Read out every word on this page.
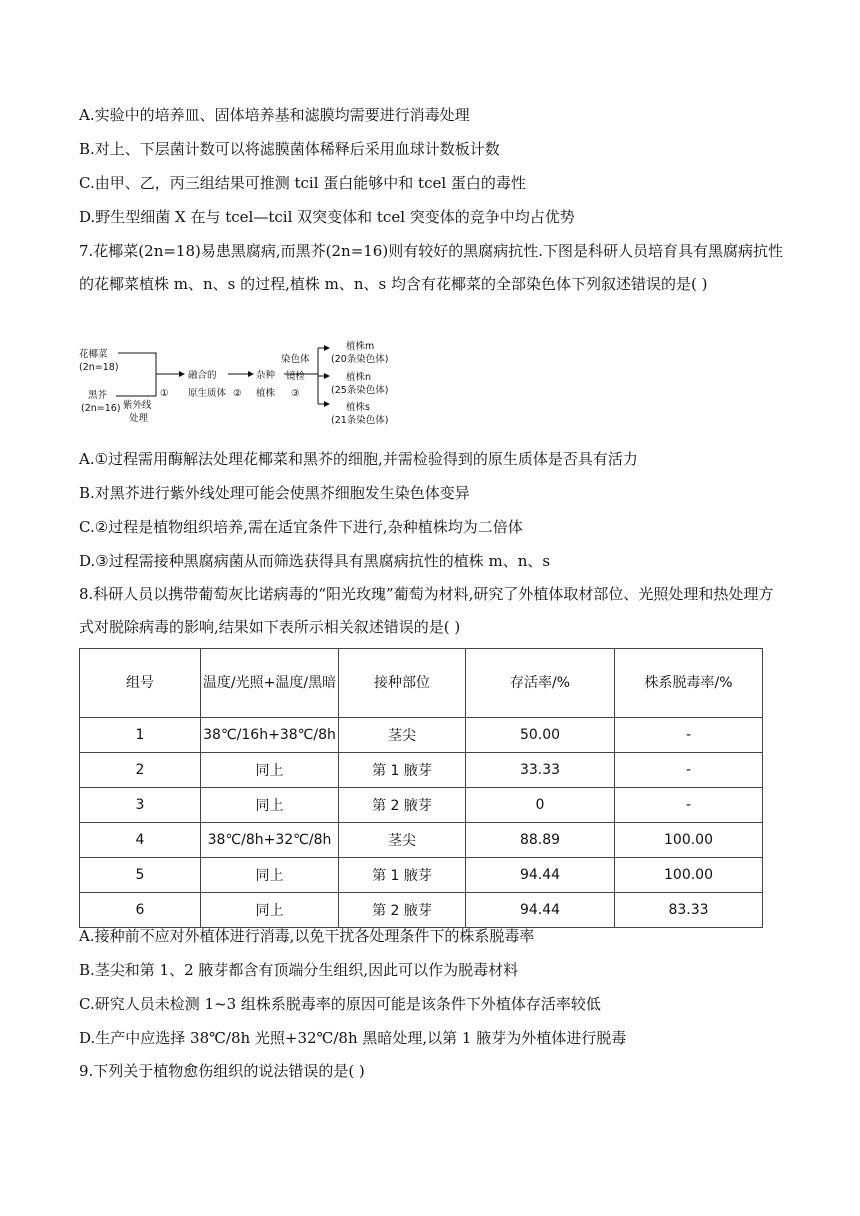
A.实验中的培养皿、固体培养基和滤膜均需要进行消毒处理
B.对上、下层菌计数可以将滤膜菌体稀释后采用血球计数板计数
C.由甲、乙，丙三组结果可推测 tcil 蛋白能够中和 tcel 蛋白的毒性
D.野生型细菌 X 在与 tcel—tcil 双突变体和 tcel 突变体的竞争中均占优势
7.花椰菜(2n=18)易患黑腐病,而黑芥(2n=16)则有较好的黑腐病抗性.下图是科研人员培育具有黑腐病抗性的花椰菜植株 m、n、s 的过程,植株 m、n、s 均含有花椰菜的全部染色体下列叙述错误的是( )
花椰菜
(2n=18)
黑芥
(2n=16) 紫外线
处理
①
融合的
原生质体 ②
杂种
植株
染色体
镜检
③
植株m
(20条染色体)
植株n
(25条染色体)
植株s
(21条染色体)
A.①过程需用酶解法处理花椰菜和黑芥的细胞,并需检验得到的原生质体是否具有活力
B.对黑芥进行紫外线处理可能会使黑芥细胞发生染色体变异
C.②过程是植物组织培养,需在适宜条件下进行,杂种植株均为二倍体
D.③过程需接种黑腐病菌从而筛选获得具有黑腐病抗性的植株 m、n、s
8.科研人员以携带葡萄灰比诺病毒的“阳光玫瑰”葡萄为材料,研究了外植体取材部位、光照处理和热处理方式对脱除病毒的影响,结果如下表所示相关叙述错误的是( )
组号	温度/光照+温度/黑暗	接种部位	存活率/%	株系脱毒率/%
1	38℃/16h+38℃/8h	茎尖	50.00	-
2	同上	第 1 腋芽	33.33	-
3	同上	第 2 腋芽	0	-
4	38℃/8h+32℃/8h	茎尖	88.89	100.00
5	同上	第 1 腋芽	94.44	100.00
6	同上	第 2 腋芽	94.44	83.33
A.接种前不应对外植体进行消毒,以免干扰各处理条件下的株系脱毒率
B.茎尖和第 1、2 腋芽都含有顶端分生组织,因此可以作为脱毒材料
C.研究人员未检测 1~3 组株系脱毒率的原因可能是该条件下外植体存活率较低
D.生产中应选择 38℃/8h 光照+32℃/8h 黑暗处理,以第 1 腋芽为外植体进行脱毒
9.下列关于植物愈伤组织的说法错误的是( )
